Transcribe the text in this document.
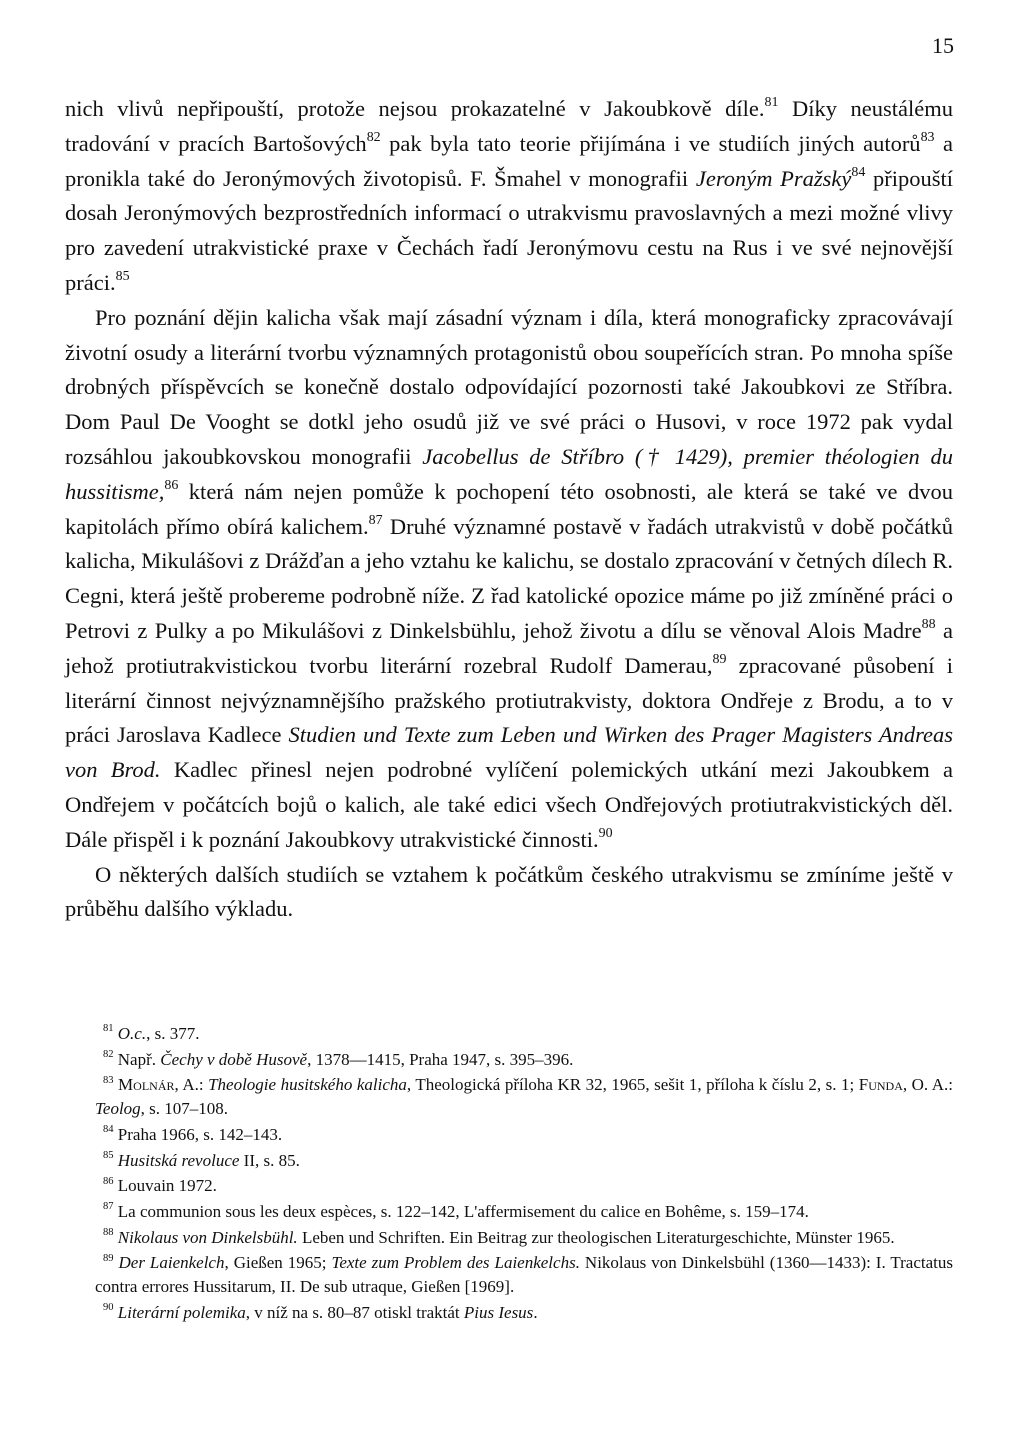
15

nich vlivů nepřipouští, protože nejsou prokazatelné v Jakoubkově díle.$^{81}$ Díky neustálému tradování v pracích Bartošových$^{82}$ pak byla tato teorie přijímána i ve studiích jiných autorů$^{83}$ a pronikla také do Jeronýmových životopisů. F. Šmahel v monografii Jeroným Pražský$^{84}$ připouští dosah Jeronýmových bezprostředních informací o utrakvismu pravoslavných a mezi možné vlivy pro zavedení utrakvistické praxe v Čechách řadí Jeronýmovu cestu na Rus i ve své nejnovější práci.$^{85}$

Pro poznání dějin kalicha však mají zásadní význam i díla, která monograficky zpracovávají životní osudy a literární tvorbu významných protagonistů obou soupeřících stran. Po mnoha spíše drobných příspěvcích se konečně dostalo odpovídající pozornosti také Jakoubkovi ze Stříbra. Dom Paul De Vooght se dotkl jeho osudů již ve své práci o Husovi, v roce 1972 pak vydal rozsáhlou jakoubkovskou monografii Jacobellus de Stříbro († 1429), premier théologien du hussitisme,$^{86}$ která nám nejen pomůže k pochopení této osobnosti, ale která se také ve dvou kapitolách přímo obírá kalichem.$^{87}$ Druhé významné postavě v řadách utrakvistů v době počátků kalicha, Mikulášovi z Drážďan a jeho vztahu ke kalichu, se dostalo zpracování v četných dílech R. Cegni, která ještě probereme podrobně níže. Z řad katolické opozice máme po již zmíněné práci o Petrovi z Pulky a po Mikulášovi z Dinkelsbühlu, jehož životu a dílu se věnoval Alois Madre$^{88}$ a jehož protiutrakvistickou tvorbu literární rozebral Rudolf Damerau,$^{89}$ zpracované působení i literární činnost nejvýznamnějšího pražského protiutrakvisty, doktora Ondřeje z Brodu, a to v práci Jaroslava Kadlece Studien und Texte zum Leben und Wirken des Prager Magisters Andreas von Brod. Kadlec přinesl nejen podrobné vylíčení polemických utkání mezi Jakoubkem a Ondřejem v počátcích bojů o kalich, ale také edici všech Ondřejových protiutrakvistických děl. Dále přispěl i k poznání Jakoubkovy utrakvistické činnosti.$^{90}$

O některých dalších studiích se vztahem k počátkům českého utrakvismu se zmíníme ještě v průběhu dalšího výkladu.

$^{81}$ O.c., s. 377.

$^{82}$ Např. Čechy v době Husově, 1378—1415, Praha 1947, s. 395–396.

$^{83}$ Molnár, A.: Theologie husitského kalicha, Theologická příloha KR 32, 1965, sešit 1, příloha k číslu 2, s. 1; Funda, O. A.: Teolog, s. 107–108.

$^{84}$ Praha 1966, s. 142–143.

$^{85}$ Husitská revoluce II, s. 85.

$^{86}$ Louvain 1972.

$^{87}$ La communion sous les deux espèces, s. 122–142, L'affermisement du calice en Bohême, s. 159–174.

$^{88}$ Nikolaus von Dinkelsbühl. Leben und Schriften. Ein Beitrag zur theologischen Literaturgeschichte, Münster 1965.

$^{89}$ Der Laienkelch, Gießen 1965; Texte zum Problem des Laienkelchs. Nikolaus von Dinkelsbühl (1360—1433): I. Tractatus contra errores Hussitarum, II. De sub utraque, Gießen [1969].

$^{90}$ Literární polemika, v níž na s. 80–87 otiskl traktát Pius Iesus.
